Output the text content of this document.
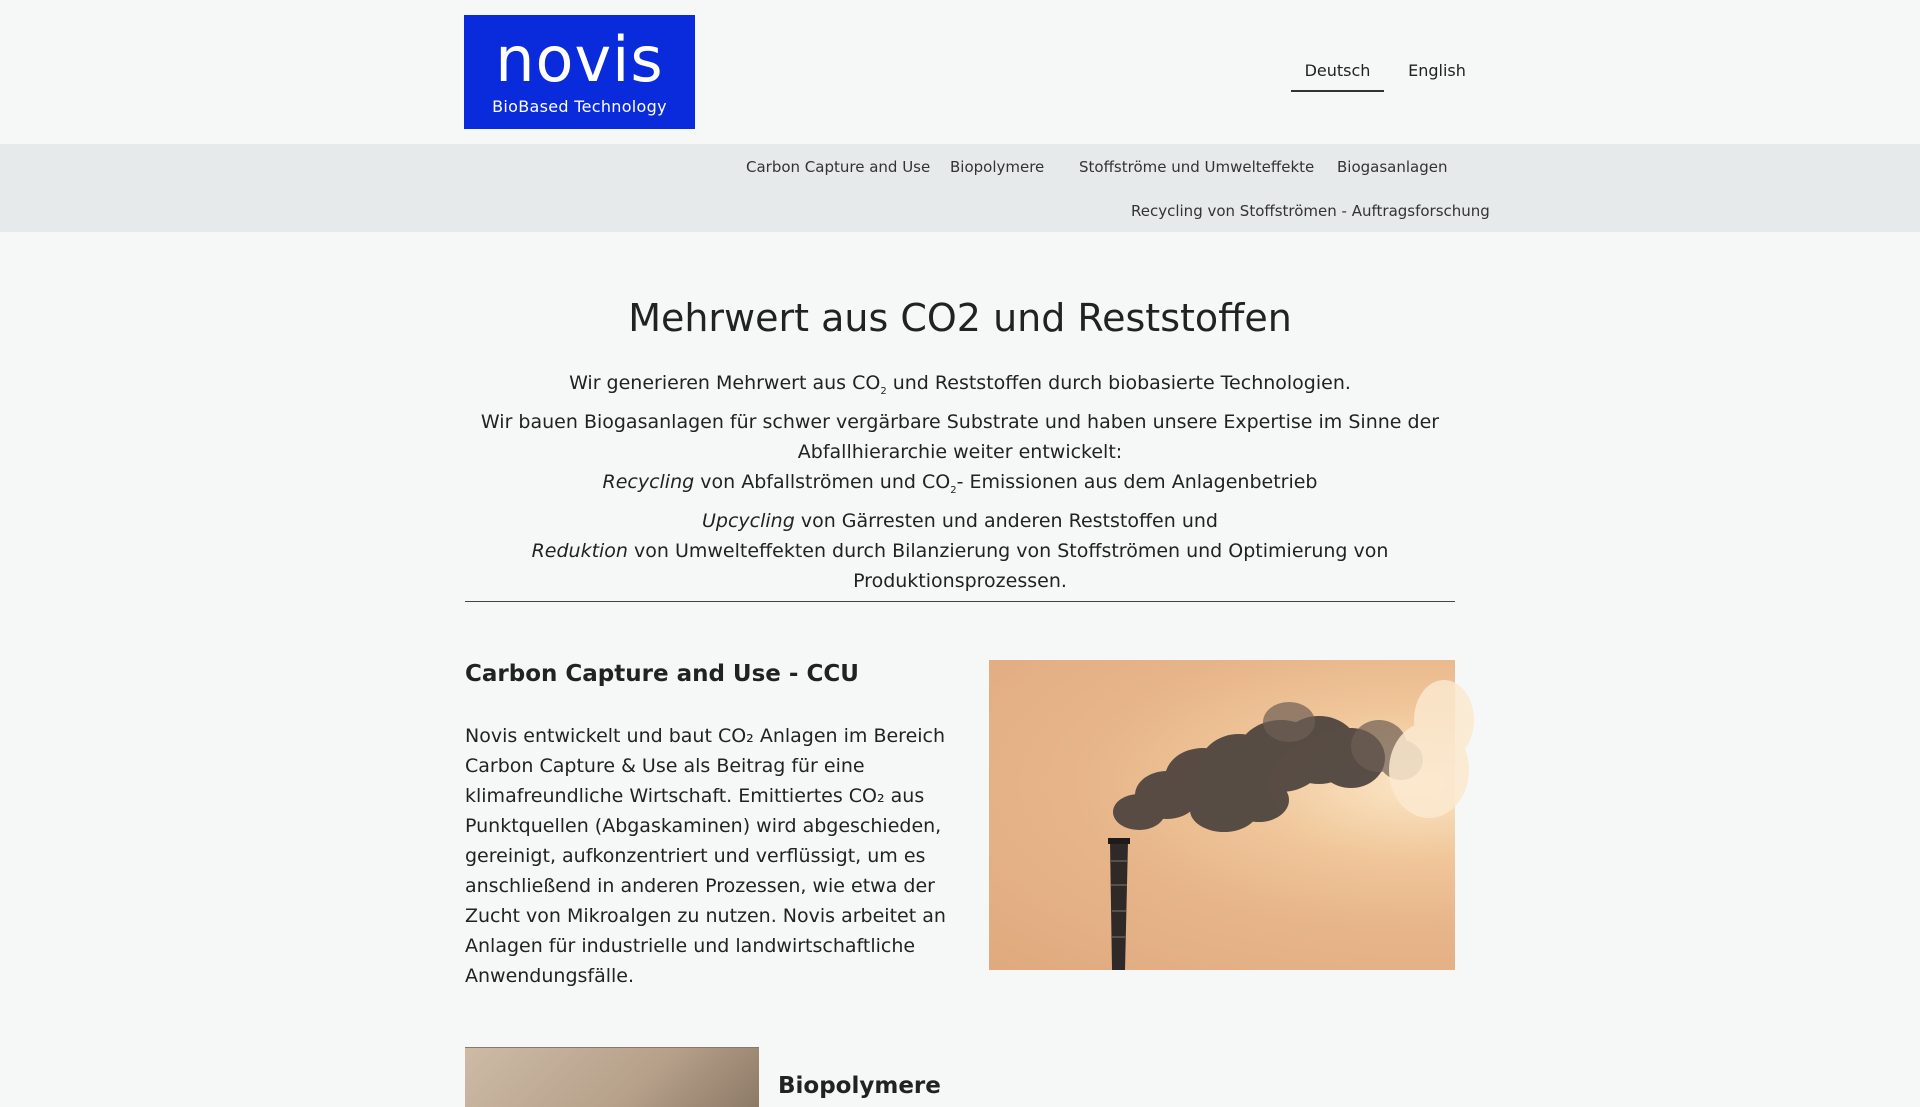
novis
BioBased Technology
Deutsch	English
Carbon Capture and Use Biopolymere Stoffströme und Umwelteffekte Biogasanlagen
Recycling von Stoffströmen - Auftragsforschung
Mehrwert aus CO2 und Reststoffen
Wir generieren Mehrwert aus $CO_2$ und Reststoffen durch biobasierte Technologien.
Wir bauen Biogasanlagen für schwer vergärbare Substrate und haben unsere Expertise im Sinne der Abfallhierarchie weiter entwickelt:
Recycling von Abfallströmen und $CO_2-$ Emissionen aus dem Anlagenbetrieb
Upcycling von Gärresten und anderen Reststoffen und
Reduktion von Umwelteffekten durch Bilanzierung von Stoffströmen und Optimierung von Produktionsprozessen.
Carbon Capture and Use - CCU

Novis entwickelt und baut CO₂ Anlagen im Bereich Carbon Capture & Use als Beitrag für eine klimafreundliche Wirtschaft. Emittiertes CO₂ aus Punktquellen (Abgaskaminen) wird abgeschieden, gereinigt, aufkonzentriert und verflüssigt, um es anschließend in anderen Prozessen, wie etwa der Zucht von Mikroalgen zu nutzen. Novis arbeitet an Anlagen für industrielle und landwirtschaftliche Anwendungsfälle.

Biopolymere
